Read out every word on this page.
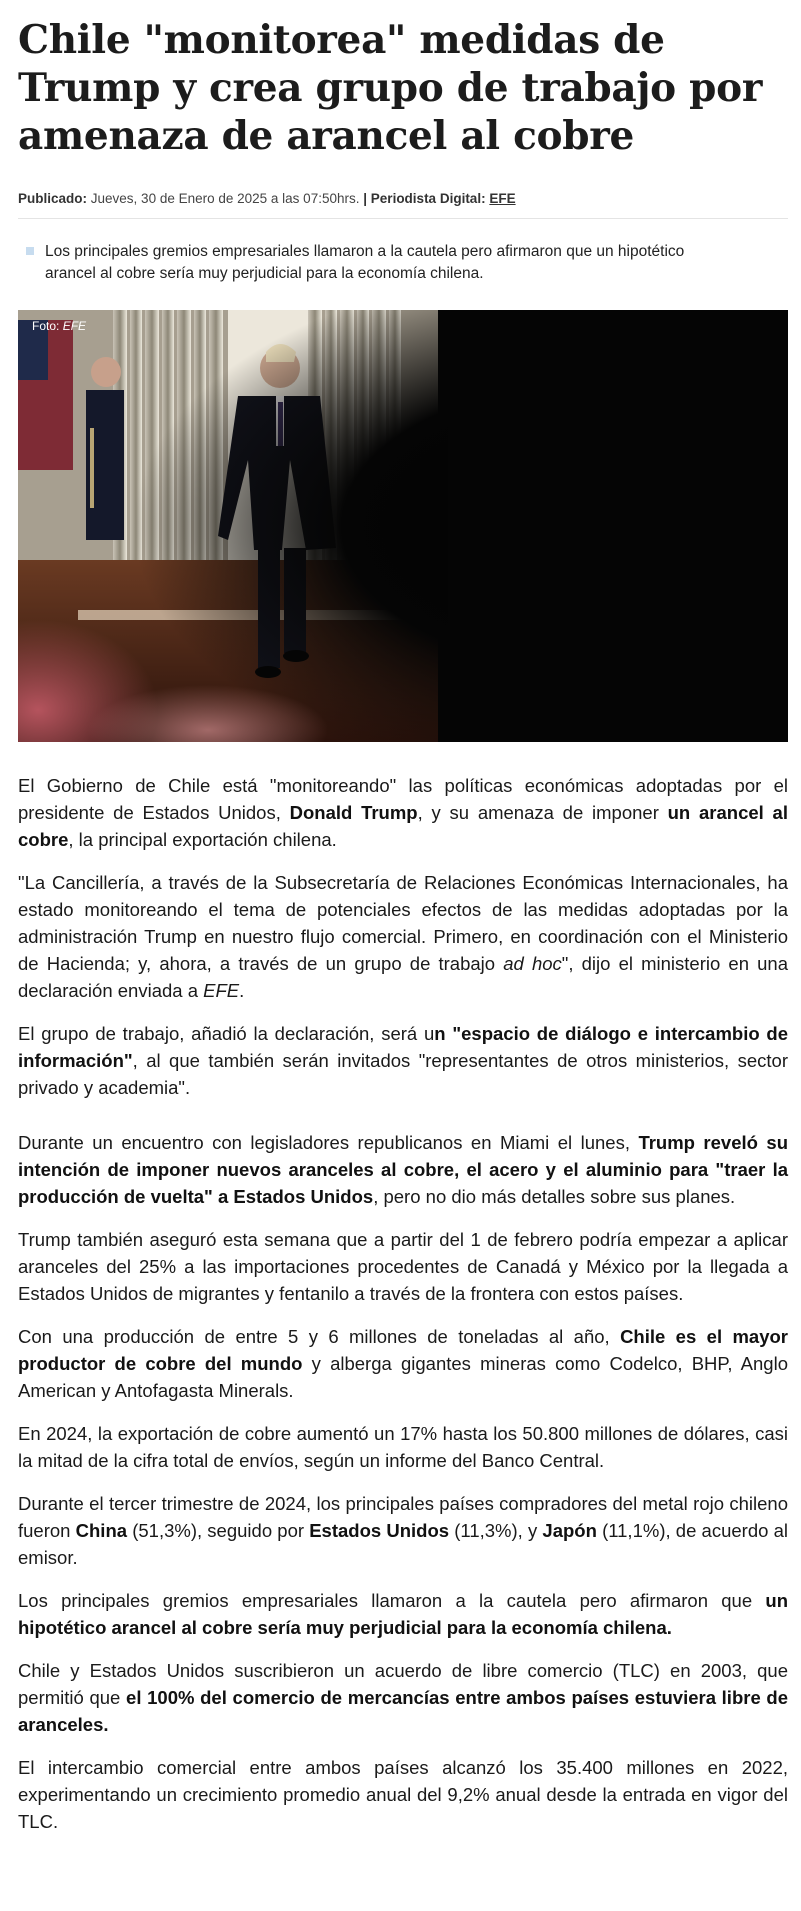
Chile "monitorea" medidas de Trump y crea grupo de trabajo por amenaza de arancel al cobre
Publicado: Jueves, 30 de Enero de 2025 a las 07:50hrs. | Periodista Digital: EFE
Los principales gremios empresariales llamaron a la cautela pero afirmaron que un hipotético arancel al cobre sería muy perjudicial para la economía chilena.
Foto: EFE

El Gobierno de Chile está "monitoreando" las políticas económicas adoptadas por el presidente de Estados Unidos, Donald Trump, y su amenaza de imponer un arancel al cobre, la principal exportación chilena.

"La Cancillería, a través de la Subsecretaría de Relaciones Económicas Internacionales, ha estado monitoreando el tema de potenciales efectos de las medidas adoptadas por la administración Trump en nuestro flujo comercial. Primero, en coordinación con el Ministerio de Hacienda; y, ahora, a través de un grupo de trabajo ad hoc", dijo el ministerio en una declaración enviada a EFE.

El grupo de trabajo, añadió la declaración, será un "espacio de diálogo e intercambio de información", al que también serán invitados "representantes de otros ministerios, sector privado y academia".

Durante un encuentro con legisladores republicanos en Miami el lunes, Trump reveló su intención de imponer nuevos aranceles al cobre, el acero y el aluminio para "traer la producción de vuelta" a Estados Unidos, pero no dio más detalles sobre sus planes.

Trump también aseguró esta semana que a partir del 1 de febrero podría empezar a aplicar aranceles del 25% a las importaciones procedentes de Canadá y México por la llegada a Estados Unidos de migrantes y fentanilo a través de la frontera con estos países.

Con una producción de entre 5 y 6 millones de toneladas al año, Chile es el mayor productor de cobre del mundo y alberga gigantes mineras como Codelco, BHP, Anglo American y Antofagasta Minerals.

En 2024, la exportación de cobre aumentó un 17% hasta los 50.800 millones de dólares, casi la mitad de la cifra total de envíos, según un informe del Banco Central.

Durante el tercer trimestre de 2024, los principales países compradores del metal rojo chileno fueron China (51,3%), seguido por Estados Unidos (11,3%), y Japón (11,1%), de acuerdo al emisor.

Los principales gremios empresariales llamaron a la cautela pero afirmaron que un hipotético arancel al cobre sería muy perjudicial para la economía chilena.

Chile y Estados Unidos suscribieron un acuerdo de libre comercio (TLC) en 2003, que permitió que el 100% del comercio de mercancías entre ambos países estuviera libre de aranceles.

El intercambio comercial entre ambos países alcanzó los 35.400 millones en 2022, experimentando un crecimiento promedio anual del 9,2% anual desde la entrada en vigor del TLC.
